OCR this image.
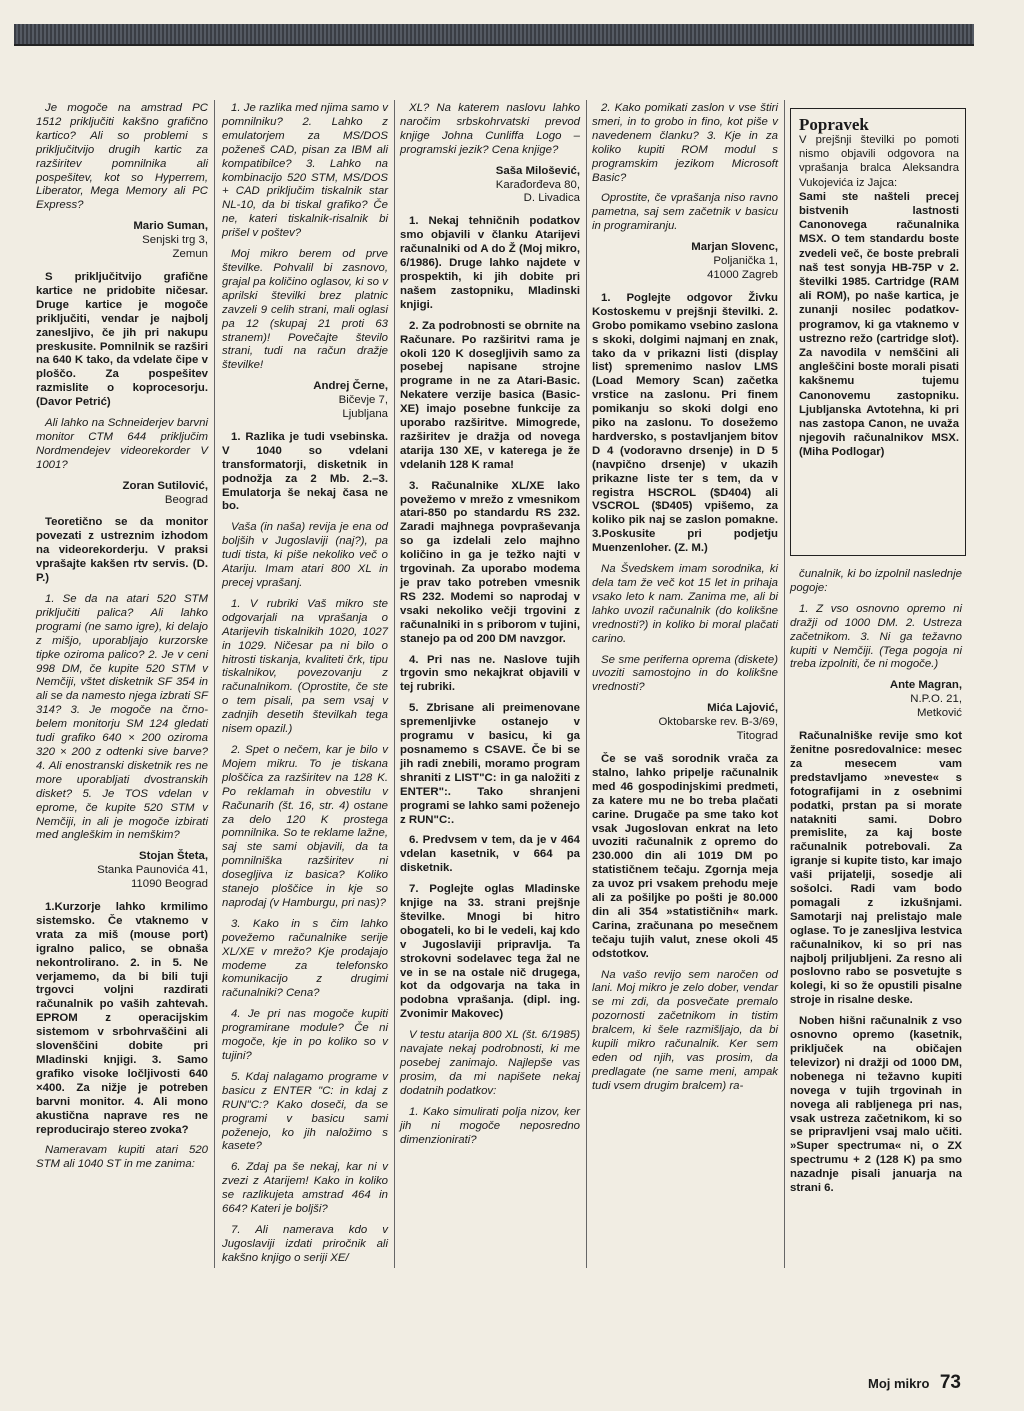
Je mogoče na amstrad PC 1512 priključiti kakšno grafično kartico? Ali so problemi s priključitvijo drugih kartic za razširitev pomnilnika ali pospešitev, kot so Hyperrem, Liberator, Mega Memory ali PC Express?

Mario Suman,
Senjski trg 3,
Zemun

S priključitvijo grafične kartice ne pridobite ničesar. Druge kartice je mogoče priključiti, vendar je najbolj zanesljivo, če jih pri nakupu preskusite. Pomnilnik se razširi na 640 K tako, da vdelate čipe v ploščo. Za pospešitev razmislite o koprocesorju. (Davor Petrić)

Ali lahko na Schneiderjev barvni monitor CTM 644 priključim Nordmendejev videorekorder V 1001?

Zoran Sutilović,
Beograd

Teoretično se da monitor povezati z ustreznim izhodom na videorekorderju. V praksi vprašajte kakšen rtv servis. (D. P.)

1. Se da na atari 520 STM priključiti palica? Ali lahko programi (ne samo igre), ki delajo z mišjo, uporabljajo kurzorske tipke oziroma palico? 2. Je v ceni 998 DM, če kupite 520 STM v Nemčiji, vštet disketnik SF 354 in ali se da namesto njega izbrati SF 314? 3. Je mogoče na črno-belem monitorju SM 124 gledati tudi grafiko 640 × 200 oziroma 320 × 200 z odtenki sive barve? 4. Ali enostranski disketnik res ne more uporabljati dvostranskih disket? 5. Je TOS vdelan v eprome, če kupite 520 STM v Nemčiji, in ali je mogoče izbirati med angleškim in nemškim?

Stojan Šteta,
Stanka Paunovića 41,
11090 Beograd

1.Kurzorje lahko krmilimo sistemsko. Če vtaknemo v vrata za miš (mouse port) igralno palico, se obnaša nekontrolirano. 2. in 5. Ne verjamemo, da bi bili tuji trgovci voljni razdirati računalnik po vaših zahtevah. EPROM z operacijskim sistemom v srbohrvaščini ali slovenščini dobite pri Mladinski knjigi. 3. Samo grafiko visoke ločljivosti 640 ×400. Za nižje je potreben barvni monitor. 4. Ali mono akustična naprave res ne reproducirajo stereo zvoka?

Nameravam kupiti atari 520 STM ali 1040 ST in me zanima:

1. Je razlika med njima samo v pomnilniku? 2. Lahko z emulatorjem za MS/DOS poženeš CAD, pisan za IBM ali kompatibilce? 3. Lahko na kombinacijo 520 STM, MS/DOS + CAD priključim tiskalnik star NL-10, da bi tiskal grafiko? Če ne, kateri tiskalnik-risalnik bi prišel v poštev?

Moj mikro berem od prve številke. Pohvalil bi zasnovo, grajal pa količino oglasov, ki so v aprilski številki brez platnic zavzeli 9 celih strani, mali oglasi pa 12 (skupaj 21 proti 63 stranem)! Povečajte število strani, tudi na račun dražje številke!

Andrej Černe,
Bičevje 7,
Ljubljana

1. Razlika je tudi vsebinska. V 1040 so vdelani transformatorji, disketnik in podnožja za 2 Mb. 2.–3. Emulatorja še nekaj časa ne bo.

Vaša (in naša) revija je ena od boljših v Jugoslaviji (naj?), pa tudi tista, ki piše nekoliko več o Atariju. Imam atari 800 XL in precej vprašanj.

1. V rubriki Vaš mikro ste odgovarjali na vprašanja o Atarijevih tiskalnikih 1020, 1027 in 1029. Ničesar pa ni bilo o hitrosti tiskanja, kvaliteti črk, tipu tiskalnikov, povezovanju z računalnikom. (Oprostite, če ste o tem pisali, pa sem vsaj v zadnjih desetih številkah tega nisem opazil.)

2. Spet o nečem, kar je bilo v Mojem mikru. To je tiskana ploščica za razširitev na 128 K. Po reklamah in obvestilu v Računarih (št. 16, str. 4) ostane za delo 120 K prostega pomnilnika. So te reklame lažne, saj ste sami objavili, da ta pomnilniška razširitev ni dosegljiva iz basica? Koliko stanejo ploščice in kje so naprodaj (v Hamburgu, pri nas)?

3. Kako in s čim lahko povežemo računalnike serije XL/XE v mrežo? Kje prodajajo modeme za telefonsko komunikacijo z drugimi računalniki? Cena?

4. Je pri nas mogoče kupiti programirane module? Če ni mogoče, kje in po koliko so v tujini?

5. Kdaj nalagamo programe v basicu z ENTER "C: in kdaj z RUN"C:? Kako doseči, da se programi v basicu sami poženejo, ko jih naložimo s kasete?

6. Zdaj pa še nekaj, kar ni v zvezi z Atarijem! Kako in koliko se razlikujeta amstrad 464 in 664? Kateri je boljši?

7. Ali namerava kdo v Jugoslaviji izdati priročnik ali kakšno knjigo o seriji XE/

XL? Na katerem naslovu lahko naročim srbskohrvatski prevod knjige Johna Cunliffa Logo – programski jezik? Cena knjige?

Saša Milošević,
Karađorđeva 80,
D. Livadica

1. Nekaj tehničnih podatkov smo objavili v članku Atarijevi računalniki od A do Ž (Moj mikro, 6/1986). Druge lahko najdete v prospektih, ki jih dobite pri našem zastopniku, Mladinski knjigi.

2. Za podrobnosti se obrnite na Računare. Po razširitvi rama je okoli 120 K dosegljivih samo za posebej napisane strojne programe in ne za Atari-Basic. Nekatere verzije basica (Basic-XE) imajo posebne funkcije za uporabo razširitve. Mimogrede, razširitev je dražja od novega atarija 130 XE, v katerega je že vdelanih 128 K rama!

3. Računalnike XL/XE lako povežemo v mrežo z vmesnikom atari-850 po standardu RS 232. Zaradi majhnega povpraševanja so ga izdelali zelo majhno količino in ga je težko najti v trgovinah. Za uporabo modema je prav tako potreben vmesnik RS 232. Modemi so naprodaj v vsaki nekoliko večji trgovini z računalniki in s priborom v tujini, stanejo pa od 200 DM navzgor.

4. Pri nas ne. Naslove tujih trgovin smo nekajkrat objavili v tej rubriki.

5. Zbrisane ali preimenovane spremenljivke ostanejo v programu v basicu, ki ga posnamemo s CSAVE. Če bi se jih radi znebili, moramo program shraniti z LIST"C: in ga naložiti z ENTER":. Tako shranjeni programi se lahko sami poženejo z RUN"C:.

6. Predvsem v tem, da je v 464 vdelan kasetnik, v 664 pa disketnik.

7. Poglejte oglas Mladinske knjige na 33. strani prejšnje številke. Mnogi bi hitro obogateli, ko bi le vedeli, kaj kdo v Jugoslaviji pripravlja. Ta strokovni sodelavec tega žal ne ve in se na ostale nič drugega, kot da odgovarja na taka in podobna vprašanja. (dipl. ing. Zvonimir Makovec)

V testu atarija 800 XL (št. 6/1985) navajate nekaj podrobnosti, ki me posebej zanimajo. Najlepše vas prosim, da mi napišete nekaj dodatnih podatkov:

1. Kako simulirati polja nizov, ker jih ni mogoče neposredno dimenzionirati?

2. Kako pomikati zaslon v vse štiri smeri, in to grobo in fino, kot piše v navedenem članku? 3. Kje in za koliko kupiti ROM modul s programskim jezikom Microsoft Basic?

Oprostite, če vprašanja niso ravno pametna, saj sem začetnik v basicu in programiranju.

Marjan Slovenc,
Poljanička 1,
41000 Zagreb

1. Poglejte odgovor Živku Kostoskemu v prejšnji številki. 2. Grobo pomikamo vsebino zaslona s skoki, dolgimi najmanj en znak, tako da v prikazni listi (display list) spremenimo naslov LMS (Load Memory Scan) začetka vrstice na zaslonu. Pri finem pomikanju so skoki dolgi eno piko na zaslonu. To dosežemo hardversko, s postavljanjem bitov D 4 (vodoravno drsenje) in D 5 (navpično drsenje) v ukazih prikazne liste ter s tem, da v registra HSCROL ($D404) ali VSCROL ($D405) vpišemo, za koliko pik naj se zaslon pomakne. 3.Poskusite pri podjetju Muenzenloher. (Z. M.)

Na Švedskem imam sorodnika, ki dela tam že več kot 15 let in prihaja vsako leto k nam. Zanima me, ali bi lahko uvozil računalnik (do kolikšne vrednosti?) in koliko bi moral plačati carino.

Se sme periferna oprema (diskete) uvoziti samostojno in do kolikšne vrednosti?

Mića Lajović,
Oktobarske rev. B-3/69,
Titograd

Če se vaš sorodnik vrača za stalno, lahko pripelje računalnik med 46 gospodinjskimi predmeti, za katere mu ne bo treba plačati carine. Drugače pa sme tako kot vsak Jugoslovan enkrat na leto uvoziti računalnik z opremo do 230.000 din ali 1019 DM po statističnem tečaju. Zgornja meja za uvoz pri vsakem prehodu meje ali za pošiljke po pošti je 80.000 din ali 354 »statističnih« mark. Carina, zračunana po mesečnem tečaju tujih valut, znese okoli 45 odstotkov.

Na vašo revijo sem naročen od lani. Moj mikro je zelo dober, vendar se mi zdi, da posvečate premalo pozornosti začetnikom in tistim bralcem, ki šele razmišljajo, da bi kupili mikro računalnik. Ker sem eden od njih, vas prosim, da predlagate (ne same meni, ampak tudi vsem drugim bralcem) ra-

Popravek

V prejšnji številki po pomoti nismo objavili odgovora na vprašanja bralca Aleksandra Vukojevića iz Jajca:

Sami ste našteli precej bistvenih lastnosti Canonovega računalnika MSX. O tem standardu boste zvedeli več, če boste prebrali naš test sonyja HB-75P v 2. številki 1985. Cartridge (RAM ali ROM), po naše kartica, je zunanji nosilec podatkov-programov, ki ga vtaknemo v ustrezno režo (cartridge slot). Za navodila v nemščini ali angleščini boste morali pisati kakšnemu tujemu Canonovemu zastopniku. Ljubljanska Avtotehna, ki pri nas zastopa Canon, ne uvaža njegovih računalnikov MSX. (Miha Podlogar)

čunalnik, ki bo izpolnil naslednje pogoje:

1. Z vso osnovno opremo ni dražji od 1000 DM. 2. Ustreza začetnikom. 3. Ni ga težavno kupiti v Nemčiji. (Tega pogoja ni treba izpolniti, če ni mogoče.)

Ante Magran,
N.P.O. 21,
Metković

Računalniške revije smo kot ženitne posredovalnice: mesec za mesecem vam predstavljamo »neveste« s fotografijami in z osebnimi podatki, prstan pa si morate natakniti sami. Dobro premislite, za kaj boste računalnik potrebovali. Za igranje si kupite tisto, kar imajo vaši prijatelji, sosedje ali sošolci. Radi vam bodo pomagali z izkušnjami. Samotarji naj prelistajo male oglase. To je zanesljiva lestvica računalnikov, ki so pri nas najbolj priljubljeni. Za resno ali poslovno rabo se posvetujte s kolegi, ki so že opustili pisalne stroje in risalne deske.

Noben hišni računalnik z vso osnovno opremo (kasetnik, priključek na običajen televizor) ni dražji od 1000 DM, nobenega ni težavno kupiti novega v tujih trgovinah in novega ali rabljenega pri nas, vsak ustreza začetnikom, ki so se pripravljeni vsaj malo učiti. »Super spectruma« ni, o ZX spectrumu + 2 (128 K) pa smo nazadnje pisali januarja na strani 6.

Moj mikro 73
